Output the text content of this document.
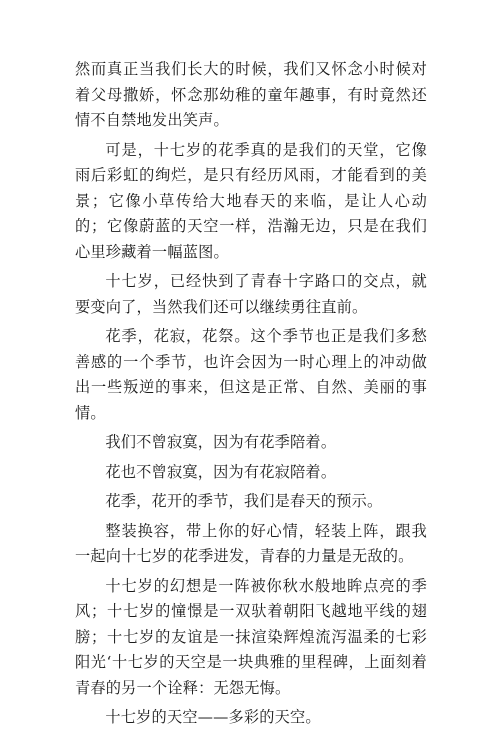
然而真正当我们长大的时候，我们又怀念小时候对着父母撒娇，怀念那幼稚的童年趣事，有时竟然还情不自禁地发出笑声。

可是，十七岁的花季真的是我们的天堂，它像雨后彩虹的绚烂，是只有经历风雨，才能看到的美景；它像小草传给大地春天的来临，是让人心动的；它像蔚蓝的天空一样，浩瀚无边，只是在我们心里珍藏着一幅蓝图。

十七岁，已经快到了青春十字路口的交点，就要变向了，当然我们还可以继续勇往直前。

花季，花寂，花祭。这个季节也正是我们多愁善感的一个季节，也许会因为一时心理上的冲动做出一些叛逆的事来，但这是正常、自然、美丽的事情。

我们不曾寂寞，因为有花季陪着。

花也不曾寂寞，因为有花寂陪着。

花季，花开的季节，我们是春天的预示。

整装换容，带上你的好心情，轻装上阵，跟我一起向十七岁的花季进发，青春的力量是无敌的。

十七岁的幻想是一阵被你秋水般地眸点亮的季风；十七岁的憧憬是一双驮着朝阳飞越地平线的翅膀；十七岁的友谊是一抹渲染辉煌流泻温柔的七彩阳光‘十七岁的天空是一块典雅的里程碑，上面刻着青春的另一个诠释：无怨无悔。

十七岁的天空——多彩的天空。
